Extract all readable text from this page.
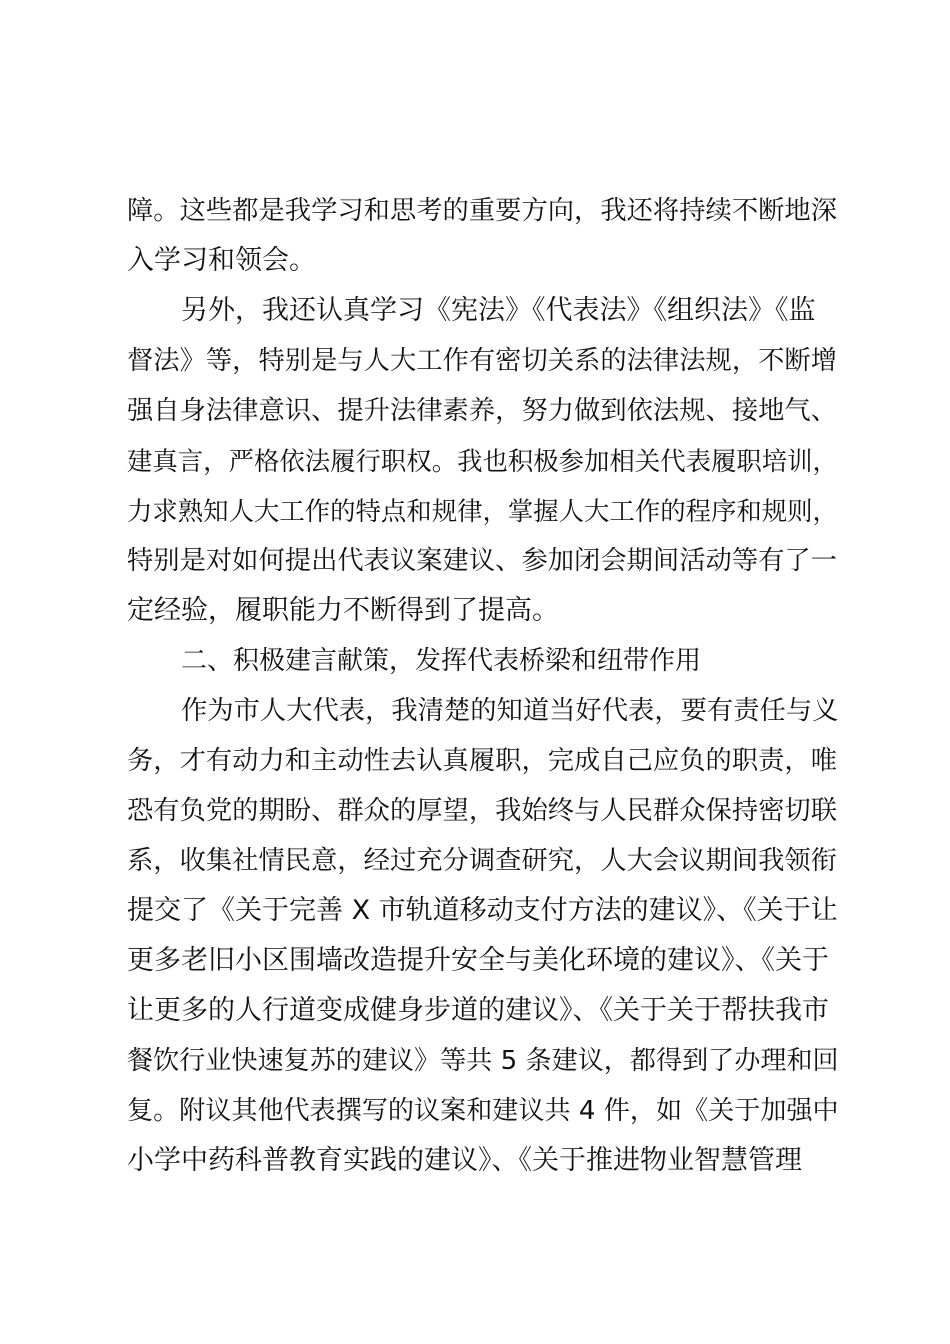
障。这些都是我学习和思考的重要方向，我还将持续不断地深
入学习和领会。
另外，我还认真学习《宪法》《代表法》《组织法》《监
督法》等，特别是与人大工作有密切关系的法律法规，不断增
强自身法律意识、提升法律素养，努力做到依法规、接地气、
建真言，严格依法履行职权。我也积极参加相关代表履职培训，
力求熟知人大工作的特点和规律，掌握人大工作的程序和规则，
特别是对如何提出代表议案建议、参加闭会期间活动等有了一
定经验，履职能力不断得到了提高。
二、积极建言献策，发挥代表桥梁和纽带作用
作为市人大代表，我清楚的知道当好代表，要有责任与义
务，才有动力和主动性去认真履职，完成自己应负的职责，唯
恐有负党的期盼、群众的厚望，我始终与人民群众保持密切联
系，收集社情民意，经过充分调查研究，人大会议期间我领衔
提交了《关于完善 X 市轨道移动支付方法的建议》、《关于让
更多老旧小区围墙改造提升安全与美化环境的建议》、《关于
让更多的人行道变成健身步道的建议》、《关于关于帮扶我市
餐饮行业快速复苏的建议》等共 5 条建议，都得到了办理和回
复。附议其他代表撰写的议案和建议共 4 件，如《关于加强中
小学中药科普教育实践的建议》、《关于推进物业智慧管理
